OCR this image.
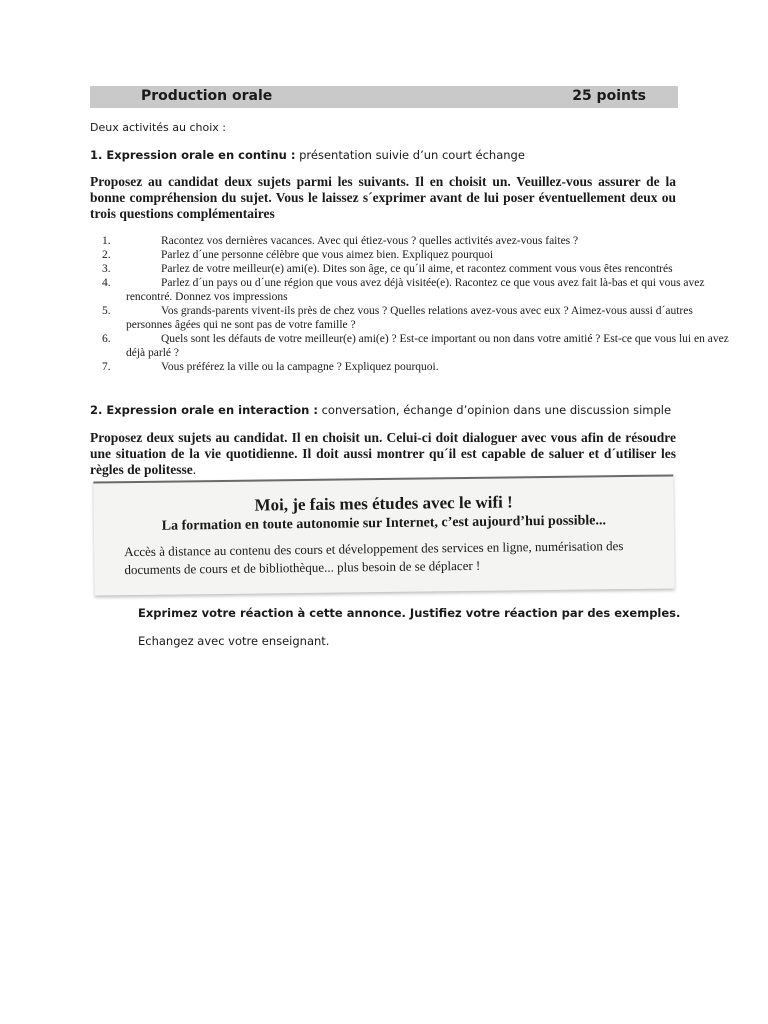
Production orale	25 points
Deux activités au choix :
1. Expression orale en continu : présentation suivie d’un court échange
Proposez au candidat deux sujets parmi les suivants. Il en choisit un. Veuillez-vous assurer de la bonne compréhension du sujet. Vous le laissez s´exprimer avant de lui poser éventuellement deux ou trois questions complémentaires
1.	Racontez vos dernières vacances. Avec qui étiez-vous ? quelles activités avez-vous faites ?
2.	Parlez d´une personne célèbre que vous aimez bien. Expliquez pourquoi
3.	Parlez de votre meilleur(e) ami(e). Dites son âge, ce qu´il aime, et racontez comment vous vous êtes rencontrés
4.	Parlez d´un pays ou d´une région que vous avez déjà visitée(e). Racontez ce que vous avez fait là-bas et qui vous avez rencontré. Donnez vos impressions
5.	Vos grands-parents vivent-ils près de chez vous ? Quelles relations avez-vous avec eux ? Aimez-vous aussi d´autres personnes âgées qui ne sont pas de votre famille ?
6.	Quels sont les défauts de votre meilleur(e) ami(e) ? Est-ce important ou non dans votre amitié ? Est-ce que vous lui en avez déjà parlé ?
7.	Vous préférez la ville ou la campagne ? Expliquez pourquoi.
2. Expression orale en interaction : conversation, échange d’opinion dans une discussion simple
Proposez deux sujets au candidat. Il en choisit un. Celui-ci doit dialoguer avec vous afin de résoudre une situation de la vie quotidienne. Il doit aussi montrer qu´il est capable de saluer et d´utiliser les règles de politesse.
Moi, je fais mes études avec le wifi !
La formation en toute autonomie sur Internet, c’est aujourd’hui possible...
Accès à distance au contenu des cours et développement des services en ligne, numérisation des documents de cours et de bibliothèque... plus besoin de se déplacer !
Exprimez votre réaction à cette annonce. Justifiez votre réaction par des exemples.
Echangez avec votre enseignant.
